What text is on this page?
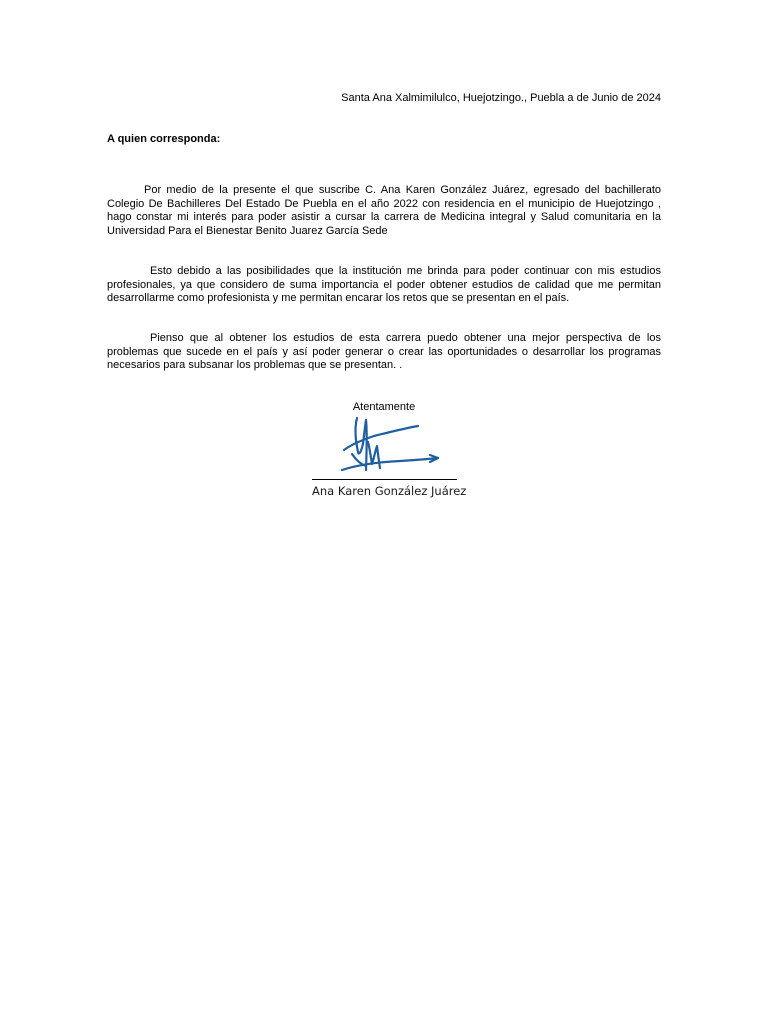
Santa Ana Xalmimilulco, Huejotzingo., Puebla a de Junio de 2024
A quien corresponda:

Por medio de la presente el que suscribe C. Ana Karen González Juárez, egresado del bachillerato Colegio De Bachilleres Del Estado De Puebla en el año 2022 con residencia en el municipio de Huejotzingo , hago constar mi interés para poder asistir a cursar la carrera de Medicina integral y Salud comunitaria en la Universidad Para el Bienestar Benito Juarez García Sede

Esto debido a las posibilidades que la institución me brinda para poder continuar con mis estudios profesionales, ya que considero de suma importancia el poder obtener estudios de calidad que me permitan desarrollarme como profesionista y me permitan encarar los retos que se presentan en el país.

Pienso que al obtener los estudios de esta carrera puedo obtener una mejor perspectiva de los problemas que sucede en el país y así poder generar o crear las oportunidades o desarrollar los programas necesarios para subsanar los problemas que se presentan. .

Atentamente
Ana Karen González Juárez
